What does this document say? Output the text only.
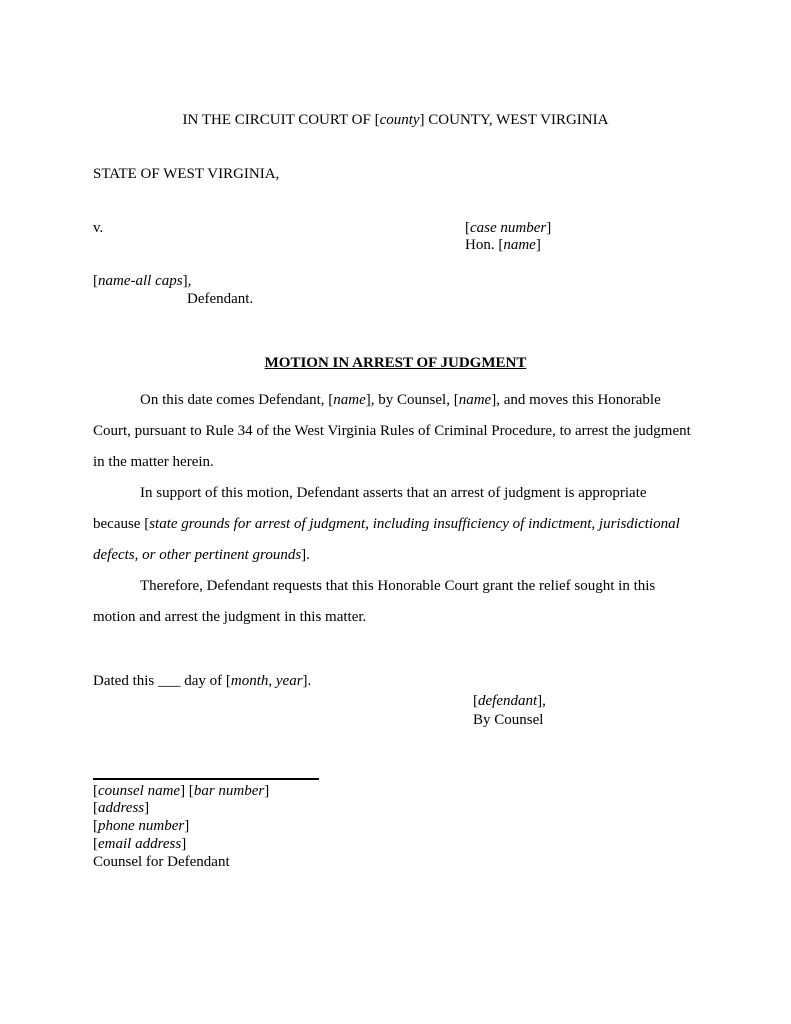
IN THE CIRCUIT COURT OF [county] COUNTY, WEST VIRGINIA
STATE OF WEST VIRGINIA,
v.	[case number]
Hon. [name]
[name-all caps],
Defendant.
MOTION IN ARREST OF JUDGMENT
On this date comes Defendant, [name], by Counsel, [name], and moves this Honorable Court, pursuant to Rule 34 of the West Virginia Rules of Criminal Procedure, to arrest the judgment in the matter herein.
In support of this motion, Defendant asserts that an arrest of judgment is appropriate because [state grounds for arrest of judgment, including insufficiency of indictment, jurisdictional defects, or other pertinent grounds].
Therefore, Defendant requests that this Honorable Court grant the relief sought in this motion and arrest the judgment in this matter.
Dated this ___ day of [month, year].
[defendant],
By Counsel
[counsel name] [bar number]
[address]
[phone number]
[email address]
Counsel for Defendant
